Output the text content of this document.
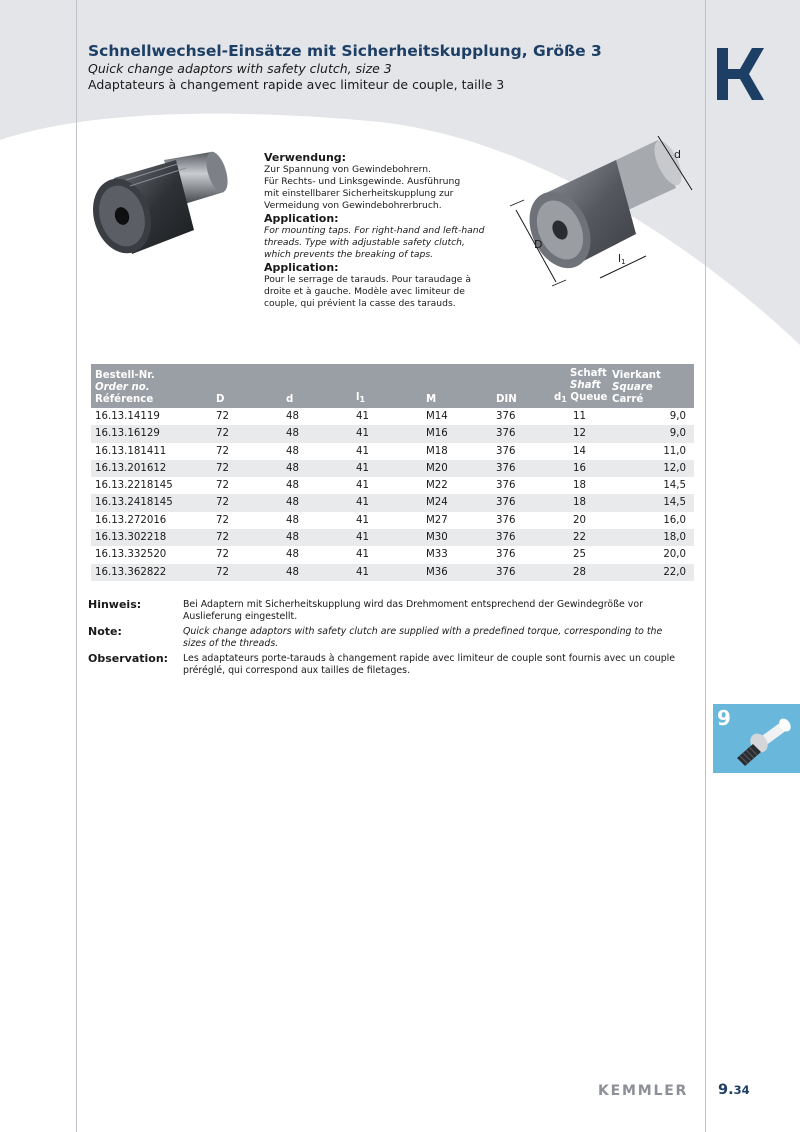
Schnellwechsel-Einsätze mit Sicherheitskupplung, Größe 3
Quick change adaptors with safety clutch, size 3
Adaptateurs à changement rapide avec limiteur de couple, taille 3
Verwendung:
Zur Spannung von Gewindebohrern.
Für Rechts- und Linksgewinde. Ausführung
mit einstellbarer Sicherheitskupplung zur
Vermeidung von Gewindebohrerbruch.
Application:
For mounting taps. For right-hand and left-hand
threads. Type with adjustable safety clutch,
which prevents the breaking of taps.
Application:
Pour le serrage de tarauds. Pour taraudage à
droite et à gauche. Modèle avec limiteur de
couple, qui prévient la casse des tarauds.
D
d
l1
Bestell-Nr.
Order no.
Référence	D	d	$l_1$	M	DIN	Schaft
Shaft
$d_1$ Queue	Vierkant
Square
Carré

16.13.14119	72	48	41	M14	376	11	9,0
16.13.16129	72	48	41	M16	376	12	9,0
16.13.181411	72	48	41	M18	376	14	11,0
16.13.201612	72	48	41	M20	376	16	12,0
16.13.2218145	72	48	41	M22	376	18	14,5
16.13.2418145	72	48	41	M24	376	18	14,5
16.13.272016	72	48	41	M27	376	20	16,0
16.13.302218	72	48	41	M30	376	22	18,0
16.13.332520	72	48	41	M33	376	25	20,0
16.13.362822	72	48	41	M36	376	28	22,0
Hinweis:	Bei Adaptern mit Sicherheitskupplung wird das Drehmoment entsprechend der Gewindegröße vor Auslieferung eingestellt.
Note:	Quick change adaptors with safety clutch are supplied with a predefined torque, corresponding to the sizes of the threads.
Observation:	Les adaptateurs porte-tarauds à changement rapide avec limiteur de couple sont fournis avec un couple préréglé, qui correspond aux tailles de filetages.
9
KEMMLER 9.34
